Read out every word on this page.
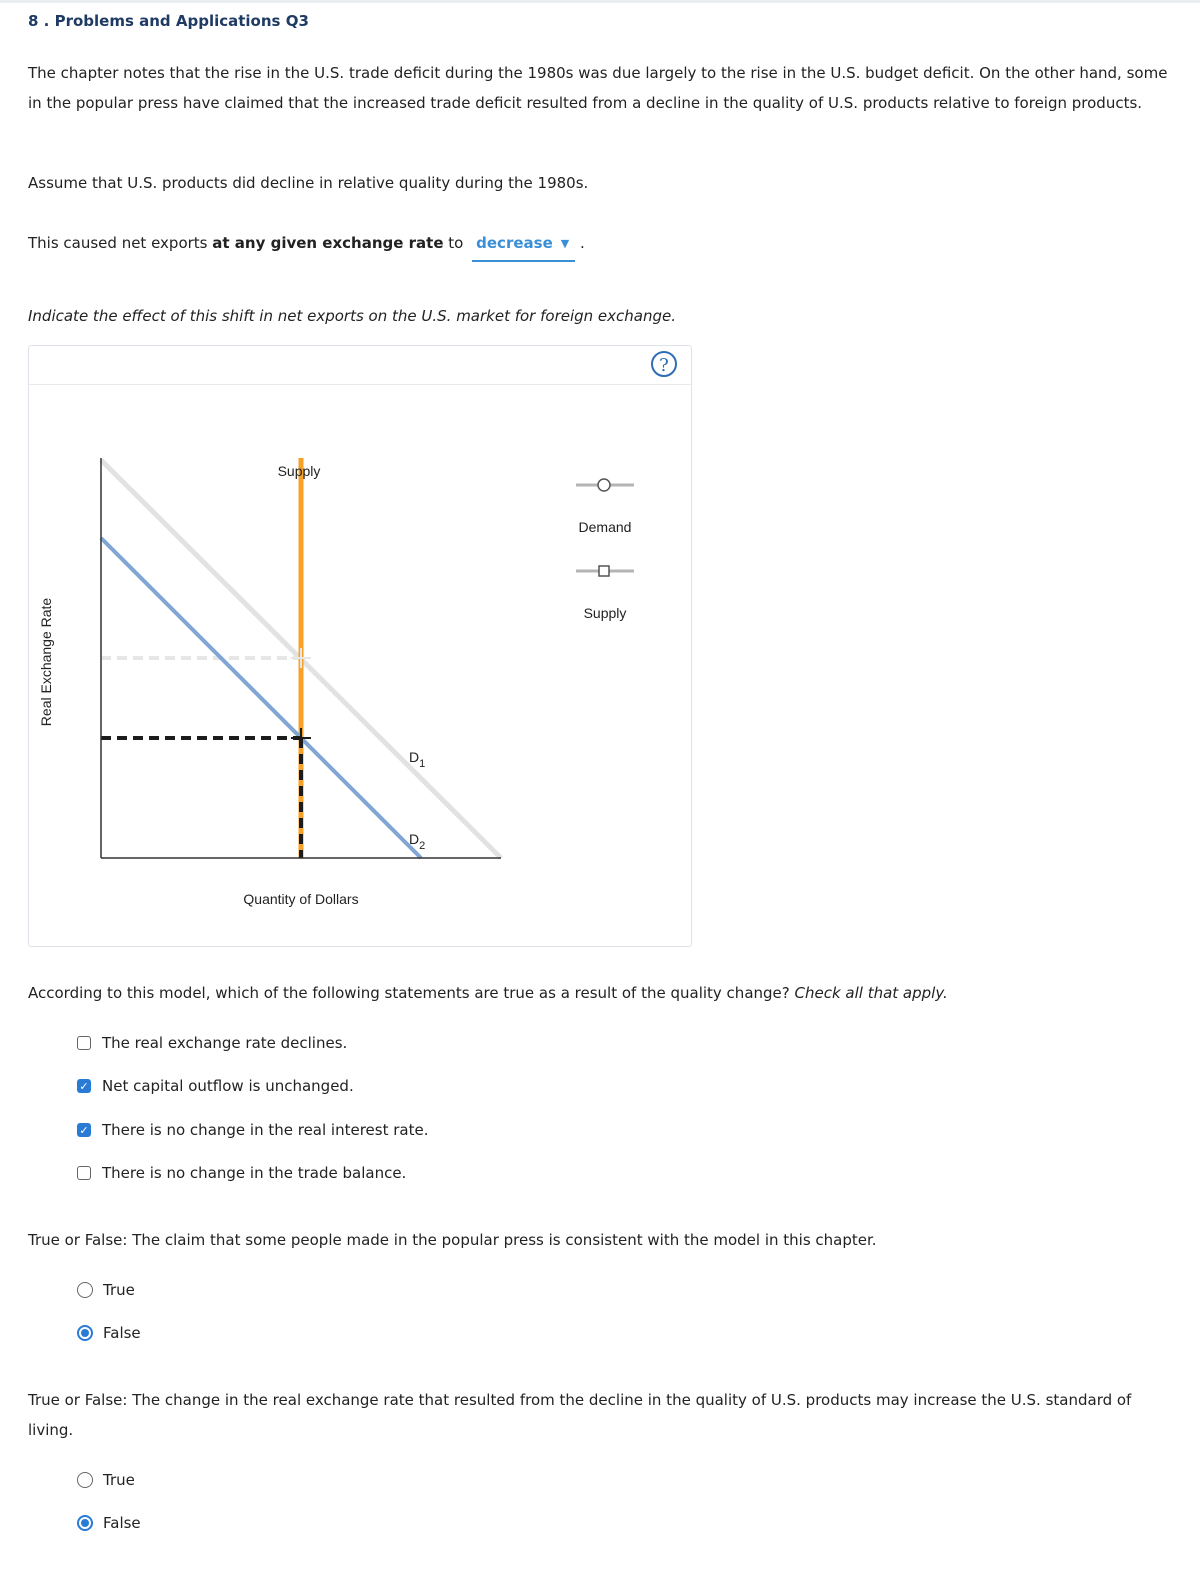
8 . Problems and Applications Q3
The chapter notes that the rise in the U.S. trade deficit during the 1980s was due largely to the rise in the U.S. budget deficit. On the other hand, some in the popular press have claimed that the increased trade deficit resulted from a decline in the quality of U.S. products relative to foreign products.
Assume that U.S. products did decline in relative quality during the 1980s.
This caused net exports at any given exchange rate to decrease ▼ .
Indicate the effect of this shift in net exports on the U.S. market for foreign exchange.
?
Supply
$D_1$
$D_2$
Quantity of Dollars
Real Exchange Rate
Demand
Supply
According to this model, which of the following statements are true as a result of the quality change? Check all that apply.
The real exchange rate declines.
✓ Net capital outflow is unchanged.
✓ There is no change in the real interest rate.
There is no change in the trade balance.
True or False: The claim that some people made in the popular press is consistent with the model in this chapter.
True
False
True or False: The change in the real exchange rate that resulted from the decline in the quality of U.S. products may increase the U.S. standard of living.
True
False
